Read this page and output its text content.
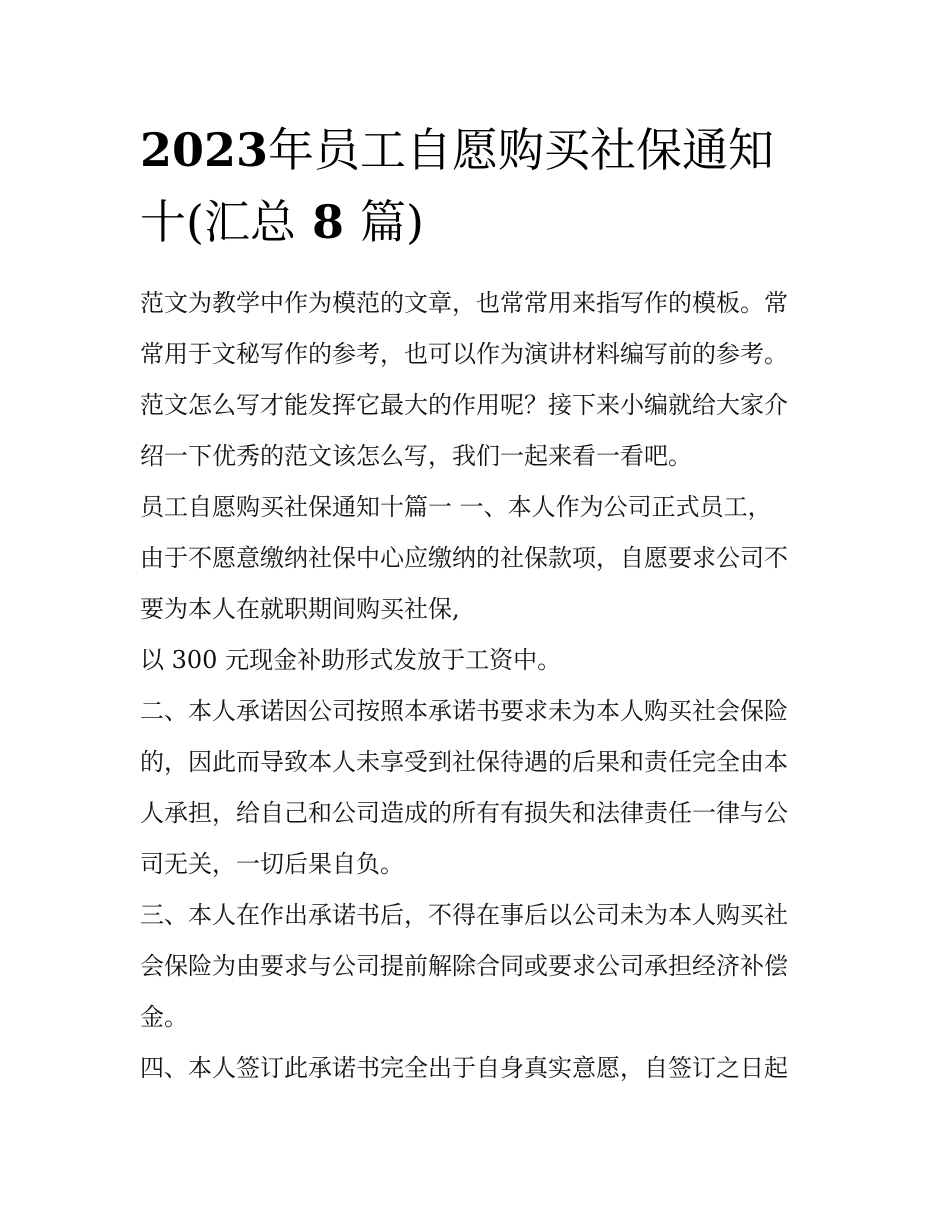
2023年员工自愿购买社保通知
十(汇总 8 篇)
范文为教学中作为模范的文章，也常常用来指写作的模板。常
常用于文秘写作的参考，也可以作为演讲材料编写前的参考。
范文怎么写才能发挥它最大的作用呢？接下来小编就给大家介
绍一下优秀的范文该怎么写，我们一起来看一看吧。
员工自愿购买社保通知十篇一 一、本人作为公司正式员工，
由于不愿意缴纳社保中心应缴纳的社保款项，自愿要求公司不
要为本人在就职期间购买社保,
以 300 元现金补助形式发放于工资中。
二、本人承诺因公司按照本承诺书要求未为本人购买社会保险
的，因此而导致本人未享受到社保待遇的后果和责任完全由本
人承担，给自己和公司造成的所有有损失和法律责任一律与公
司无关，一切后果自负。
三、本人在作出承诺书后，不得在事后以公司未为本人购买社
会保险为由要求与公司提前解除合同或要求公司承担经济补偿
金。
四、本人签订此承诺书完全出于自身真实意愿，自签订之日起
